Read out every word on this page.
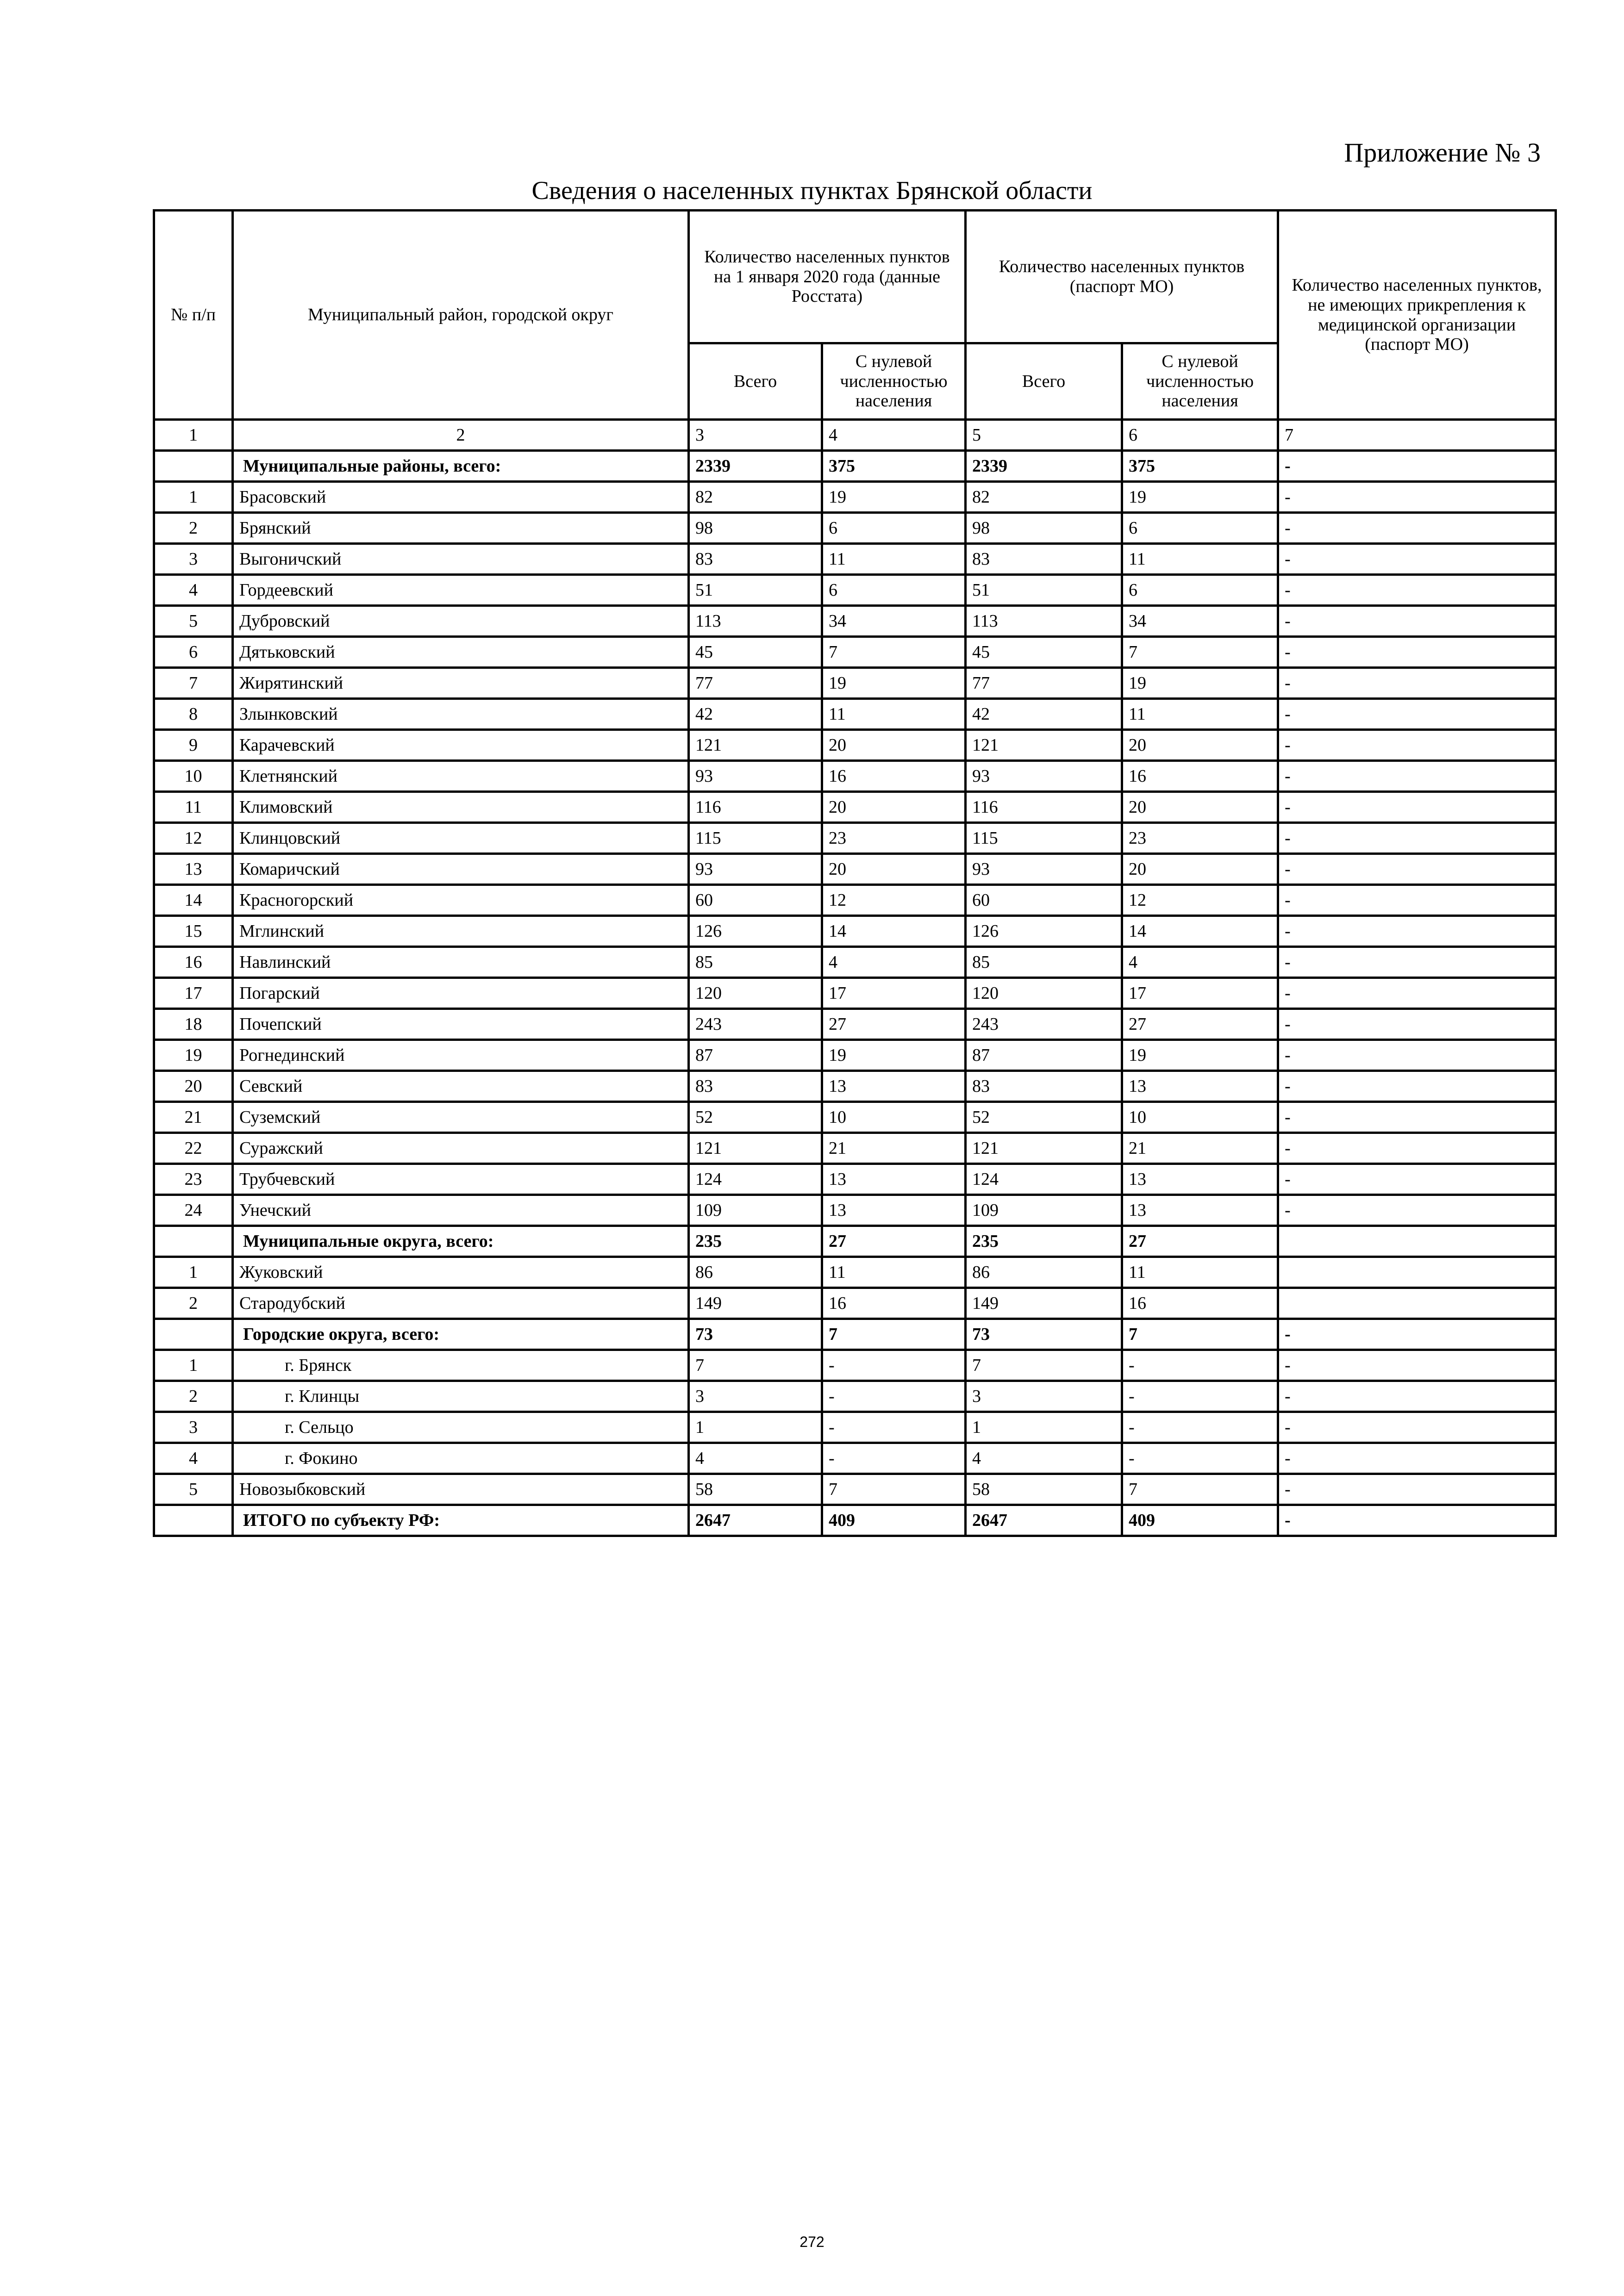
Приложение № 3
Сведения о населенных пунктах Брянской области
№ п/п	Муниципальный район, городской округ	Количество населенных пунктов на 1 января 2020 года (данные Росстата)		Количество населенных пунктов (паспорт МО)		Количество населенных пунктов, не имеющих прикрепления к медицинской организации (паспорт МО)
		Всего	С нулевой численностью населения	Всего	С нулевой численностью населения	
1	2	3	4	5	6	7
	Муниципальные районы, всего:	2339	375	2339	375	-
1	Брасовский	82	19	82	19	-
2	Брянский	98	6	98	6	-
3	Выгоничский	83	11	83	11	-
4	Гордеевский	51	6	51	6	-
5	Дубровский	113	34	113	34	-
6	Дятьковский	45	7	45	7	-
7	Жирятинский	77	19	77	19	-
8	Злынковский	42	11	42	11	-
9	Карачевский	121	20	121	20	-
10	Клетнянский	93	16	93	16	-
11	Климовский	116	20	116	20	-
12	Клинцовский	115	23	115	23	-
13	Комаричский	93	20	93	20	-
14	Красногорский	60	12	60	12	-
15	Мглинский	126	14	126	14	-
16	Навлинский	85	4	85	4	-
17	Погарский	120	17	120	17	-
18	Почепский	243	27	243	27	-
19	Рогнединский	87	19	87	19	-
20	Севский	83	13	83	13	-
21	Суземский	52	10	52	10	-
22	Суражский	121	21	121	21	-
23	Трубчевский	124	13	124	13	-
24	Унечский	109	13	109	13	-
	Муниципальные округа, всего:	235	27	235	27	
1	Жуковский	86	11	86	11	
2	Стародубский	149	16	149	16	
	Городские округа, всего:	73	7	73	7	-
1	г. Брянск	7	-	7	-	-
2	г. Клинцы	3	-	3	-	-
3	г. Сельцо	1	-	1	-	-
4	г. Фокино	4	-	4	-	-
5	Новозыбковский	58	7	58	7	-
	ИТОГО по субъекту РФ:	2647	409	2647	409	-
272
